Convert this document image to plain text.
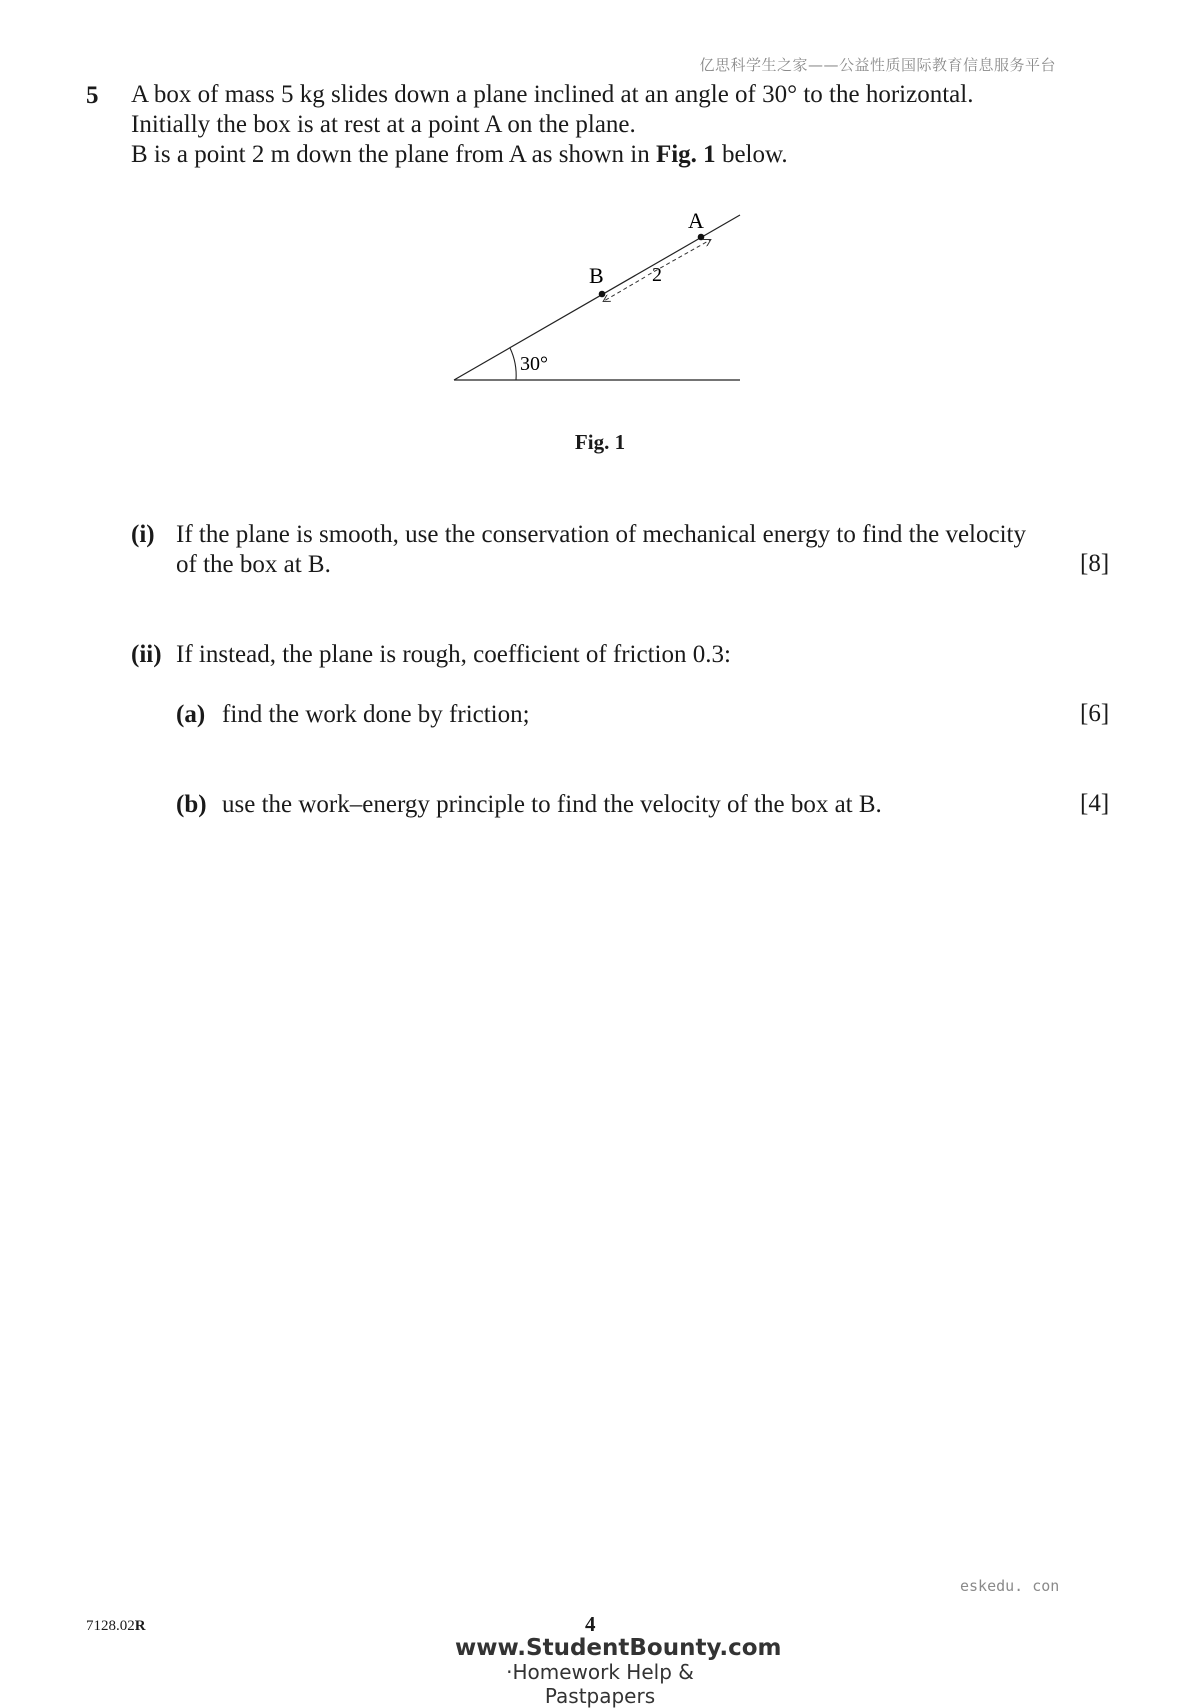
亿思科学生之家——公益性质国际教育信息服务平台
5 A box of mass 5 kg slides down a plane inclined at an angle of 30° to the horizontal.
Initially the box is at rest at a point A on the plane.
B is a point 2 m down the plane from A as shown in Fig. 1 below.
30°
A
B 2
Fig. 1
(i) If the plane is smooth, use the conservation of mechanical energy to find the velocity
of the box at B.	[8]
(ii) If instead, the plane is rough, coefficient of friction 0.3:
(a) find the work done by friction;	[6]
(b) use the work–energy principle to find the velocity of the box at B.	[4]
eskedu. con
7128.02R	4
www.StudentBounty.com
·Homework Help & Pastpapers
